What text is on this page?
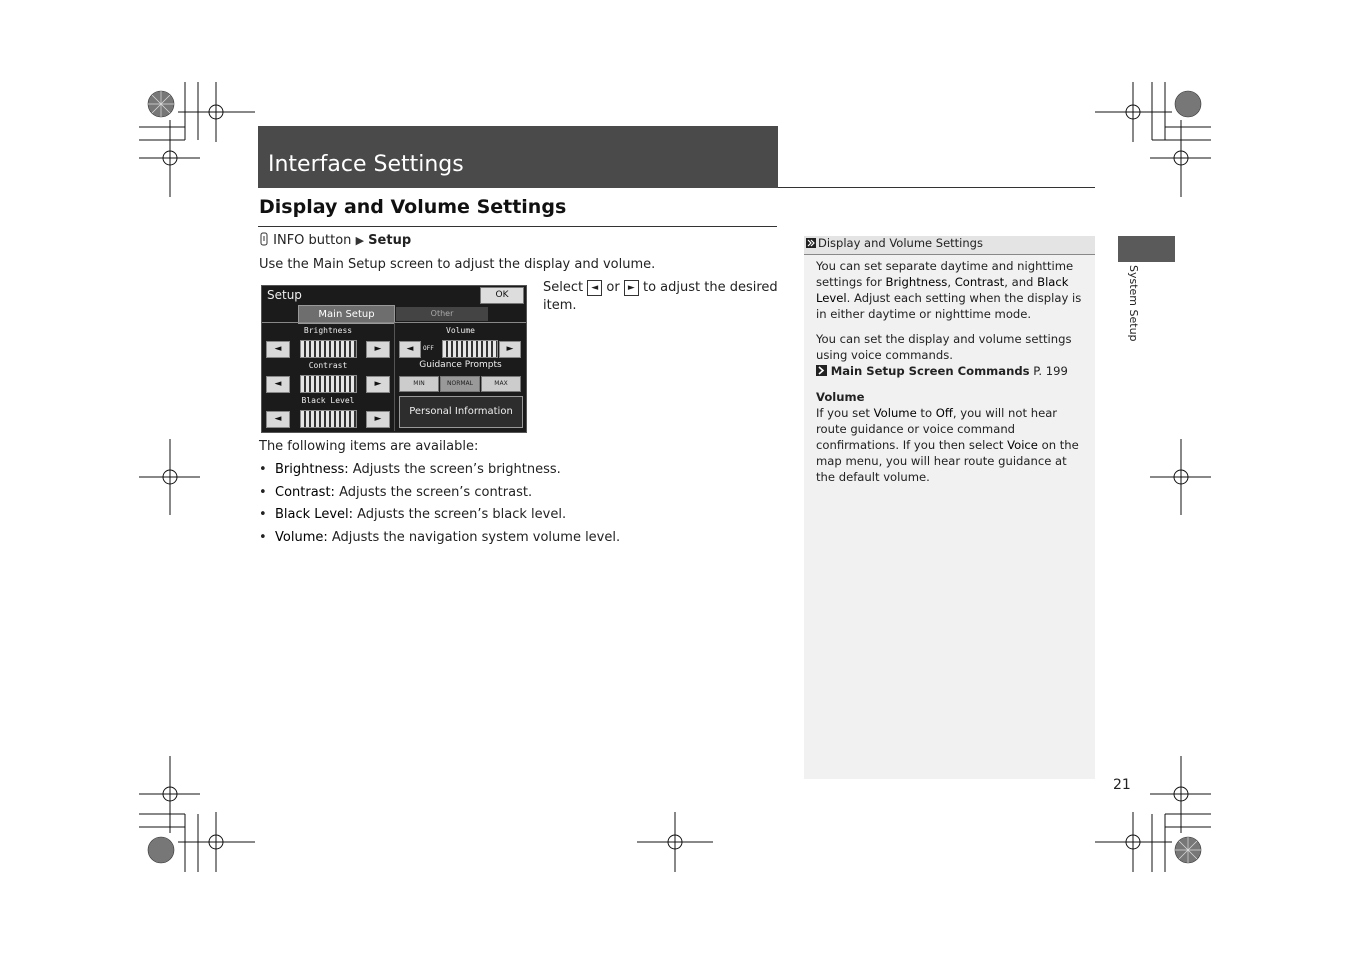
Interface Settings
Display and Volume Settings
INFO button ▶ Setup
Use the Main Setup screen to adjust the display and volume.
Setup	OK
Main Setup	Other
Brightness
◄	►
Contrast
◄	►
Black Level
◄	►
Volume
◄	OFF	►
Guidance Prompts
MIN	NORMAL	MAX
Personal Information
Select ◄ or ► to adjust the desired item.
The following items are available:
• Brightness: Adjusts the screen’s brightness.
• Contrast: Adjusts the screen’s contrast.
• Black Level: Adjusts the screen’s black level.
• Volume: Adjusts the navigation system volume level.
Display and Volume Settings
You can set separate daytime and nighttime settings for Brightness, Contrast, and Black Level. Adjust each setting when the display is in either daytime or nighttime mode.
You can set the display and volume settings using voice commands.
Main Setup Screen Commands P. 199
Volume
If you set Volume to Off, you will not hear route guidance or voice command confirmations. If you then select Voice on the map menu, you will hear route guidance at the default volume.
System Setup
21
